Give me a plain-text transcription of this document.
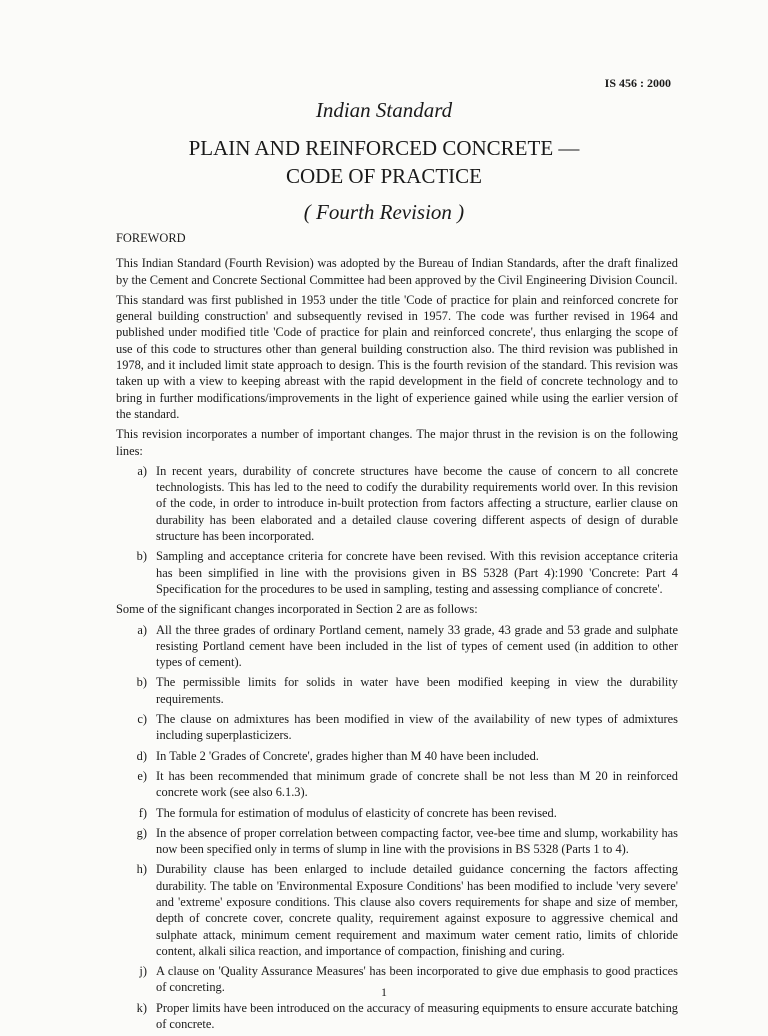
IS 456 : 2000
Indian Standard
PLAIN AND REINFORCED CONCRETE —
CODE OF PRACTICE
( Fourth Revision )

FOREWORD

This Indian Standard (Fourth Revision) was adopted by the Bureau of Indian Standards, after the draft finalized by the Cement and Concrete Sectional Committee had been approved by the Civil Engineering Division Council.

This standard was first published in 1953 under the title 'Code of practice for plain and reinforced concrete for general building construction' and subsequently revised in 1957. The code was further revised in 1964 and published under modified title 'Code of practice for plain and reinforced concrete', thus enlarging the scope of use of this code to structures other than general building construction also. The third revision was published in 1978, and it included limit state approach to design. This is the fourth revision of the standard. This revision was taken up with a view to keeping abreast with the rapid development in the field of concrete technology and to bring in further modifications/improvements in the light of experience gained while using the earlier version of the standard.

This revision incorporates a number of important changes. The major thrust in the revision is on the following lines:

a) In recent years, durability of concrete structures have become the cause of concern to all concrete technologists. This has led to the need to codify the durability requirements world over. In this revision of the code, in order to introduce in-built protection from factors affecting a structure, earlier clause on durability has been elaborated and a detailed clause covering different aspects of design of durable structure has been incorporated.
b) Sampling and acceptance criteria for concrete have been revised. With this revision acceptance criteria has been simplified in line with the provisions given in BS 5328 (Part 4):1990 'Concrete: Part 4 Specification for the procedures to be used in sampling, testing and assessing compliance of concrete'.

Some of the significant changes incorporated in Section 2 are as follows:

a) All the three grades of ordinary Portland cement, namely 33 grade, 43 grade and 53 grade and sulphate resisting Portland cement have been included in the list of types of cement used (in addition to other types of cement).
b) The permissible limits for solids in water have been modified keeping in view the durability requirements.
c) The clause on admixtures has been modified in view of the availability of new types of admixtures including superplasticizers.
d) In Table 2 'Grades of Concrete', grades higher than M 40 have been included.
e) It has been recommended that minimum grade of concrete shall be not less than M 20 in reinforced concrete work (see also 6.1.3).
f) The formula for estimation of modulus of elasticity of concrete has been revised.
g) In the absence of proper correlation between compacting factor, vee-bee time and slump, workability has now been specified only in terms of slump in line with the provisions in BS 5328 (Parts 1 to 4).
h) Durability clause has been enlarged to include detailed guidance concerning the factors affecting durability. The table on 'Environmental Exposure Conditions' has been modified to include 'very severe' and 'extreme' exposure conditions. This clause also covers requirements for shape and size of member, depth of concrete cover, concrete quality, requirement against exposure to aggressive chemical and sulphate attack, minimum cement requirement and maximum water cement ratio, limits of chloride content, alkali silica reaction, and importance of compaction, finishing and curing.
j) A clause on 'Quality Assurance Measures' has been incorporated to give due emphasis to good practices of concreting.
k) Proper limits have been introduced on the accuracy of measuring equipments to ensure accurate batching of concrete.
1
